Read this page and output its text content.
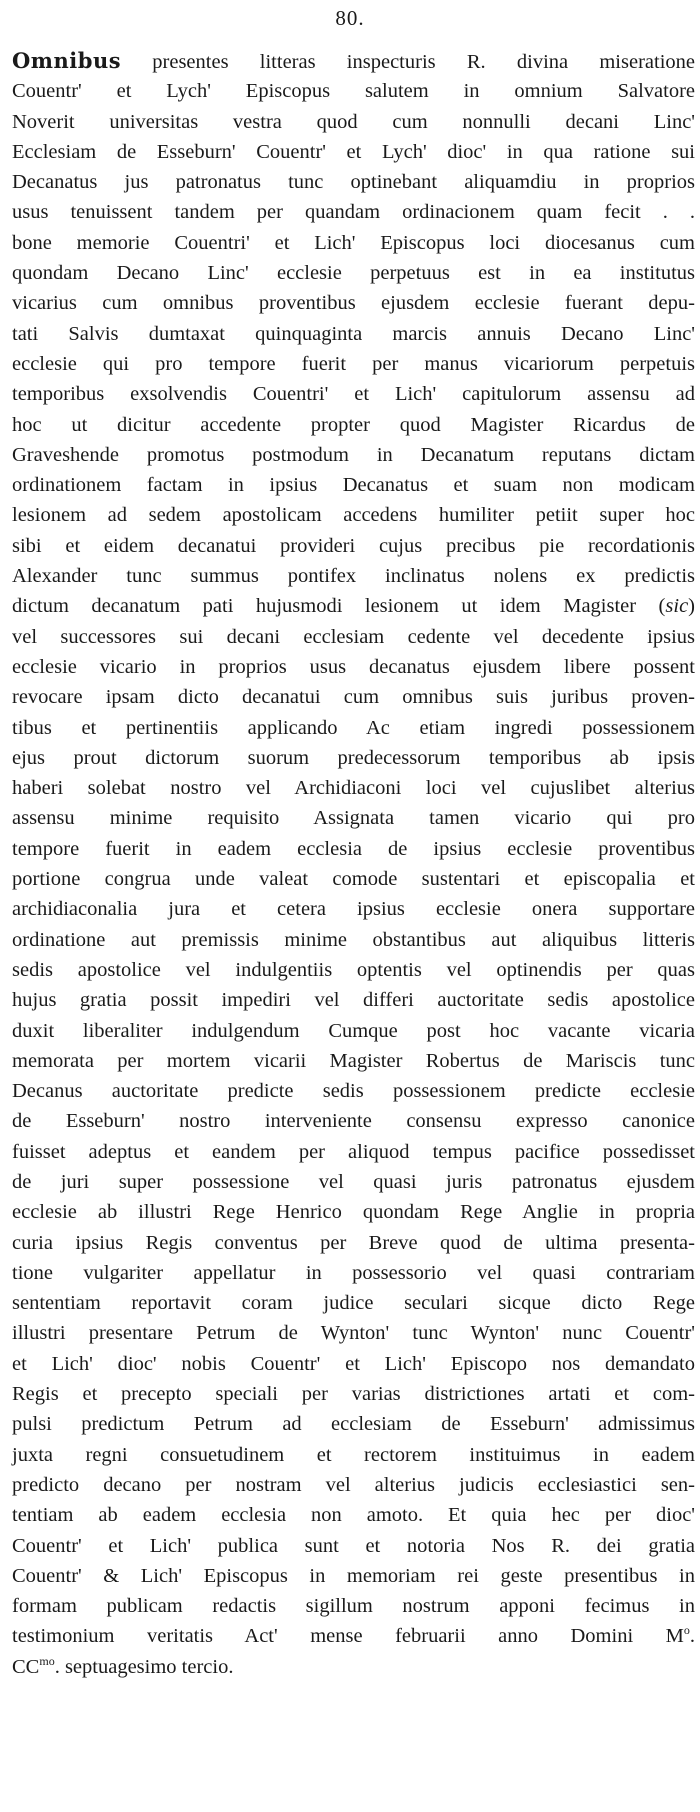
80.
Omnibus presentes litteras inspecturis R. divina miseratione
Couentr' et Lych' Episcopus salutem in omnium Salvatore
Noverit universitas vestra quod cum nonnulli decani Linc'
Ecclesiam de Esseburn' Couentr' et Lych' dioc' in qua ratione sui
Decanatus jus patronatus tunc optinebant aliquamdiu in proprios
usus tenuissent tandem per quandam ordinacionem quam fecit . .
bone memorie Couentri' et Lich' Episcopus loci diocesanus cum
quondam Decano Linc' ecclesie perpetuus est in ea institutus
vicarius cum omnibus proventibus ejusdem ecclesie fuerant depu-
tati Salvis dumtaxat quinquaginta marcis annuis Decano Linc'
ecclesie qui pro tempore fuerit per manus vicariorum perpetuis
temporibus exsolvendis Couentri' et Lich' capitulorum assensu ad
hoc ut dicitur accedente propter quod Magister Ricardus de
Graveshende promotus postmodum in Decanatum reputans dictam
ordinationem factam in ipsius Decanatus et suam non modicam
lesionem ad sedem apostolicam accedens humiliter petiit super hoc
sibi et eidem decanatui provideri cujus precibus pie recordationis
Alexander tunc summus pontifex inclinatus nolens ex predictis
dictum decanatum pati hujusmodi lesionem ut idem Magister (sic)
vel successores sui decani ecclesiam cedente vel decedente ipsius
ecclesie vicario in proprios usus decanatus ejusdem libere possent
revocare ipsam dicto decanatui cum omnibus suis juribus proven-
tibus et pertinentiis applicando Ac etiam ingredi possessionem
ejus prout dictorum suorum predecessorum temporibus ab ipsis
haberi solebat nostro vel Archidiaconi loci vel cujuslibet alterius
assensu minime requisito Assignata tamen vicario qui pro
tempore fuerit in eadem ecclesia de ipsius ecclesie proventibus
portione congrua unde valeat comode sustentari et episcopalia et
archidiaconalia jura et cetera ipsius ecclesie onera supportare
ordinatione aut premissis minime obstantibus aut aliquibus litteris
sedis apostolice vel indulgentiis optentis vel optinendis per quas
hujus gratia possit impediri vel differi auctoritate sedis apostolice
duxit liberaliter indulgendum Cumque post hoc vacante vicaria
memorata per mortem vicarii Magister Robertus de Mariscis tunc
Decanus auctoritate predicte sedis possessionem predicte ecclesie
de Esseburn' nostro interveniente consensu expresso canonice
fuisset adeptus et eandem per aliquod tempus pacifice possedisset
de juri super possessione vel quasi juris patronatus ejusdem
ecclesie ab illustri Rege Henrico quondam Rege Anglie in propria
curia ipsius Regis conventus per Breve quod de ultima presenta-
tione vulgariter appellatur in possessorio vel quasi contrariam
sententiam reportavit coram judice seculari sicque dicto Rege
illustri presentare Petrum de Wynton' tunc Wynton' nunc Couentr'
et Lich' dioc' nobis Couentr' et Lich' Episcopo nos demandato
Regis et precepto speciali per varias districtiones artati et com-
pulsi predictum Petrum ad ecclesiam de Esseburn' admissimus
juxta regni consuetudinem et rectorem instituimus in eadem
predicto decano per nostram vel alterius judicis ecclesiastici sen-
tentiam ab eadem ecclesia non amoto. Et quia hec per dioc'
Couentr' et Lich' publica sunt et notoria Nos R. dei gratia
Couentr' & Lich' Episcopus in memoriam rei geste presentibus in
formam publicam redactis sigillum nostrum apponi fecimus in
testimonium veritatis Act' mense februarii anno Domini $M^o$.
$CC^{mo}$. septuagesimo tercio.
